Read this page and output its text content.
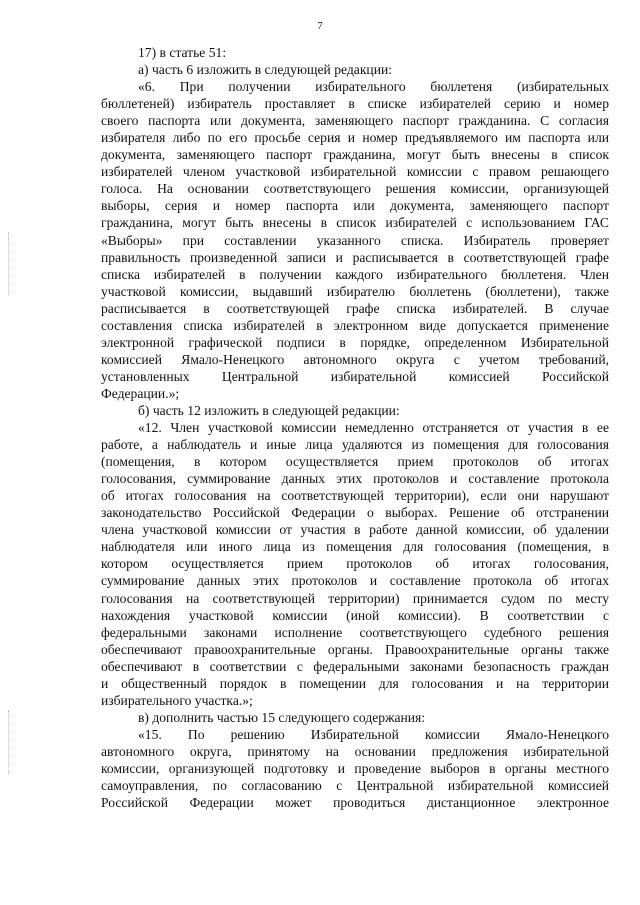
7
17) в статье 51:
а) часть 6 изложить в следующей редакции:
«6. При получении избирательного бюллетеня (избирательных
бюллетеней) избиратель проставляет в списке избирателей серию и номер
своего паспорта или документа, заменяющего паспорт гражданина. С согласия
избирателя либо по его просьбе серия и номер предъявляемого им паспорта или
документа, заменяющего паспорт гражданина, могут быть внесены в список
избирателей членом участковой избирательной комиссии с правом решающего
голоса. На основании соответствующего решения комиссии, организующей
выборы, серия и номер паспорта или документа, заменяющего паспорт
гражданина, могут быть внесены в список избирателей с использованием ГАС
«Выборы» при составлении указанного списка. Избиратель проверяет
правильность произведенной записи и расписывается в соответствующей графе
списка избирателей в получении каждого избирательного бюллетеня. Член
участковой комиссии, выдавший избирателю бюллетень (бюллетени), также
расписывается в соответствующей графе списка избирателей. В случае
составления списка избирателей в электронном виде допускается применение
электронной графической подписи в порядке, определенном Избирательной
комиссией Ямало-Ненецкого автономного округа с учетом требований,
установленных Центральной избирательной комиссией Российской
Федерации.»;
б) часть 12 изложить в следующей редакции:
«12. Член участковой комиссии немедленно отстраняется от участия в ее
работе, а наблюдатель и иные лица удаляются из помещения для голосования
(помещения, в котором осуществляется прием протоколов об итогах
голосования, суммирование данных этих протоколов и составление протокола
об итогах голосования на соответствующей территории), если они нарушают
законодательство Российской Федерации о выборах. Решение об отстранении
члена участковой комиссии от участия в работе данной комиссии, об удалении
наблюдателя или иного лица из помещения для голосования (помещения, в
котором осуществляется прием протоколов об итогах голосования,
суммирование данных этих протоколов и составление протокола об итогах
голосования на соответствующей территории) принимается судом по месту
нахождения участковой комиссии (иной комиссии). В соответствии с
федеральными законами исполнение соответствующего судебного решения
обеспечивают правоохранительные органы. Правоохранительные органы также
обеспечивают в соответствии с федеральными законами безопасность граждан
и общественный порядок в помещении для голосования и на территории
избирательного участка.»;
в) дополнить частью 15 следующего содержания:
«15. По решению Избирательной комиссии Ямало-Ненецкого
автономного округа, принятому на основании предложения избирательной
комиссии, организующей подготовку и проведение выборов в органы местного
самоуправления, по согласованию с Центральной избирательной комиссией
Российской Федерации может проводиться дистанционное электронное
